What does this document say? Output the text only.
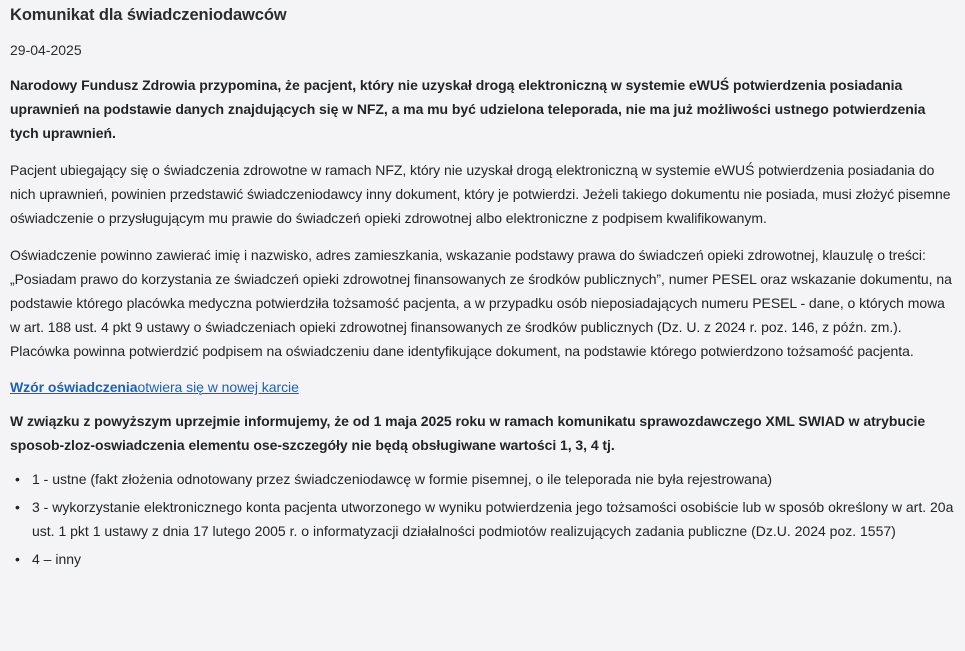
Komunikat dla świadczeniodawców
29-04-2025

Narodowy Fundusz Zdrowia przypomina, że pacjent, który nie uzyskał drogą elektroniczną w systemie eWUŚ potwierdzenia posiadania uprawnień na podstawie danych znajdujących się w NFZ, a ma mu być udzielona teleporada, nie ma już możliwości ustnego potwierdzenia tych uprawnień.

Pacjent ubiegający się o świadczenia zdrowotne w ramach NFZ, który nie uzyskał drogą elektroniczną w systemie eWUŚ potwierdzenia posiadania do nich uprawnień, powinien przedstawić świadczeniodawcy inny dokument, który je potwierdzi. Jeżeli takiego dokumentu nie posiada, musi złożyć pisemne oświadczenie o przysługującym mu prawie do świadczeń opieki zdrowotnej albo elektroniczne z podpisem kwalifikowanym.

Oświadczenie powinno zawierać imię i nazwisko, adres zamieszkania, wskazanie podstawy prawa do świadczeń opieki zdrowotnej, klauzulę o treści: „Posiadam prawo do korzystania ze świadczeń opieki zdrowotnej finansowanych ze środków publicznych”, numer PESEL oraz wskazanie dokumentu, na podstawie którego placówka medyczna potwierdziła tożsamość pacjenta, a w przypadku osób nieposiadających numeru PESEL - dane, o których mowa w art. 188 ust. 4 pkt 9 ustawy o świadczeniach opieki zdrowotnej finansowanych ze środków publicznych (Dz. U. z 2024 r. poz. 146, z późn. zm.). Placówka powinna potwierdzić podpisem na oświadczeniu dane identyfikujące dokument, na podstawie którego potwierdzono tożsamość pacjenta.

Wzór oświadczeniaotwiera się w nowej karcie

W związku z powyższym uprzejmie informujemy, że od 1 maja 2025 roku w ramach komunikatu sprawozdawczego XML SWIAD w atrybucie sposob-zloz-oswiadczenia elementu ose-szczegóły nie będą obsługiwane wartości 1, 3, 4 tj.

• 1 - ustne (fakt złożenia odnotowany przez świadczeniodawcę w formie pisemnej, o ile teleporada nie była rejestrowana)
• 3 - wykorzystanie elektronicznego konta pacjenta utworzonego w wyniku potwierdzenia jego tożsamości osobiście lub w sposób określony w art. 20a ust. 1 pkt 1 ustawy z dnia 17 lutego 2005 r. o informatyzacji działalności podmiotów realizujących zadania publiczne (Dz.U. 2024 poz. 1557)
• 4 – inny
